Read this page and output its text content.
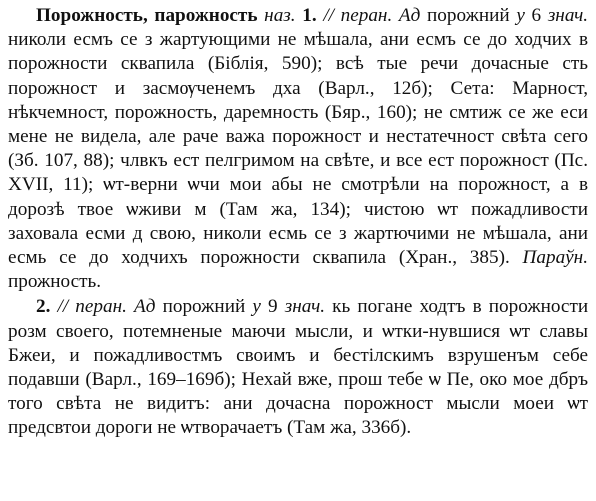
Порожность, парожность наз. 1. // перан. Ад порожний у 6 знач. николи есмъ се з жартующими не мѣшала, ани есмъ се до ходчих в порожности сквапила (Біблія, 590); всѣ тые речи дочасные сть порожност и засмѹченемъ дха (Варл., 12б); Сета: Марност, нѣкчемност, порожность, даремность (Бяр., 160); не смтиж се же еси мене не видела, але раче важа порожност и нестатечност свѣта сего (Зб. 107, 88); члвкъ ест пелгримом на свѣте, и все ест порожност (Пс. XVII, 11); ѡт-верни ѡчи мои абы не смотрѣли на порожност, а в дорозѣ твое ѡживи м (Там жа, 134); чистою ѡт пожадливости заховала есми д свою, николи есмь се з жартючими не мѣшала, ани есмь се до ходчихъ порожности сквапила (Хран., 385). Параўн. прожность.

2. // перан. Ад порожний у 9 знач. кь погане ходтъ в порожности розм своего, потемненые маючи мысли, и ѡтки-нувшися ѡт славы Бжеи, и пожадливостмъ своимъ и бестiлскимъ взрушенъм себе подавши (Варл., 169–169б); Нехай вже, прош тебе ѡ Пе, око мое дбръ того свѣта не видитъ: ани дочасна порожност мысли моеи ѡт предсвтои дороги не ѡтворачаетъ (Там жа, 336б).
